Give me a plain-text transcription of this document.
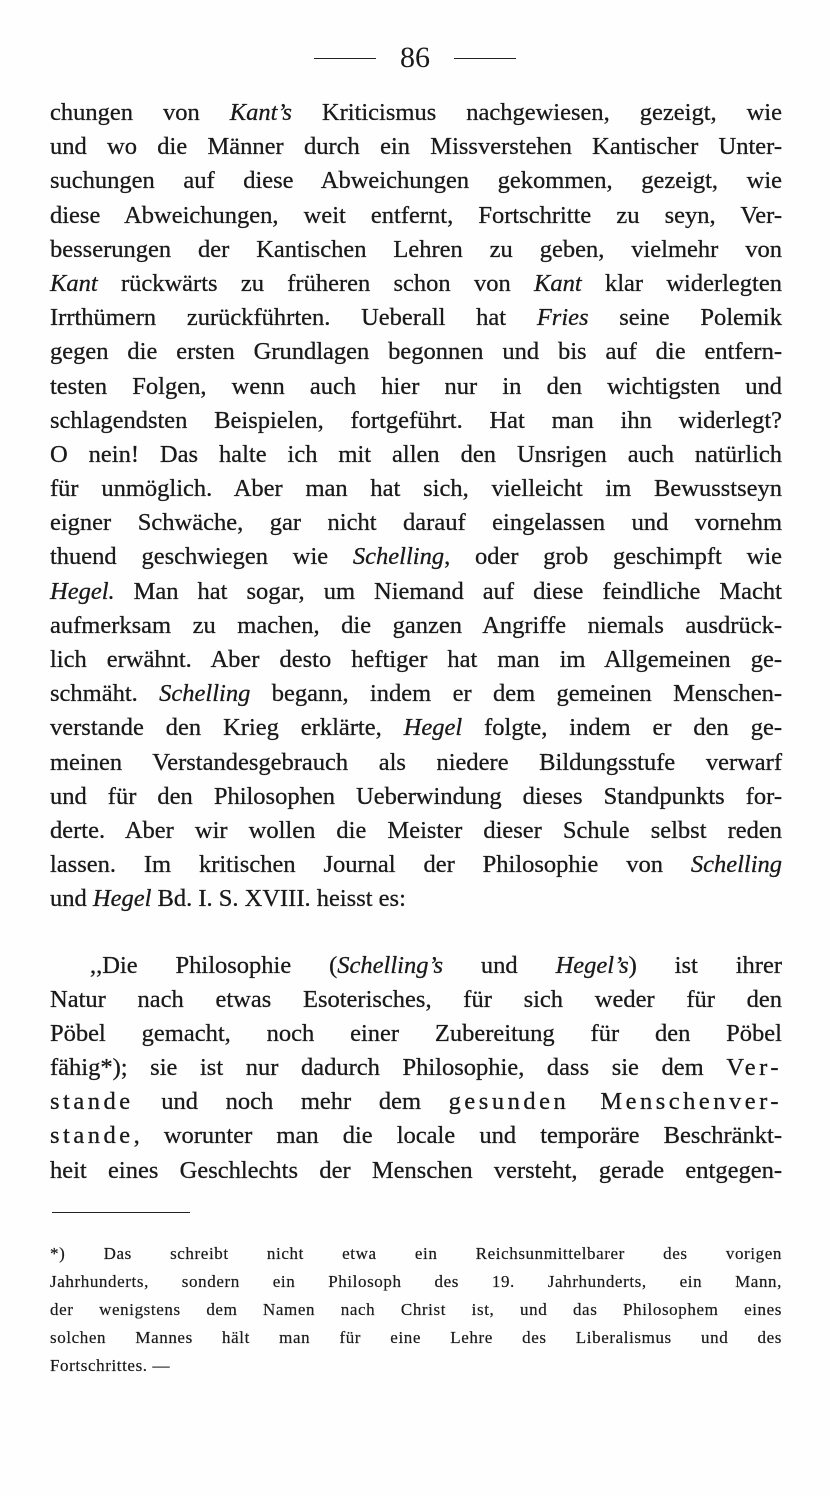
86
chungen von Kant’s Kriticismus nachgewiesen, gezeigt, wie
und wo die Männer durch ein Missverstehen Kantischer Unter-
suchungen auf diese Abweichungen gekommen, gezeigt, wie
diese Abweichungen, weit entfernt, Fortschritte zu seyn, Ver-
besserungen der Kantischen Lehren zu geben, vielmehr von
Kant rückwärts zu früheren schon von Kant klar widerlegten
Irrthümern zurückführten. Ueberall hat Fries seine Polemik
gegen die ersten Grundlagen begonnen und bis auf die entfern-
testen Folgen, wenn auch hier nur in den wichtigsten und
schlagendsten Beispielen, fortgeführt. Hat man ihn widerlegt?
O nein! Das halte ich mit allen den Unsrigen auch natürlich
für unmöglich. Aber man hat sich, vielleicht im Bewusstseyn
eigner Schwäche, gar nicht darauf eingelassen und vornehm
thuend geschwiegen wie Schelling, oder grob geschimpft wie
Hegel. Man hat sogar, um Niemand auf diese feindliche Macht
aufmerksam zu machen, die ganzen Angriffe niemals ausdrück-
lich erwähnt. Aber desto heftiger hat man im Allgemeinen ge-
schmäht. Schelling begann, indem er dem gemeinen Menschen-
verstande den Krieg erklärte, Hegel folgte, indem er den ge-
meinen Verstandesgebrauch als niedere Bildungsstufe verwarf
und für den Philosophen Ueberwindung dieses Standpunkts for-
derte. Aber wir wollen die Meister dieser Schule selbst reden
lassen. Im kritischen Journal der Philosophie von Schelling
und Hegel Bd. I. S. XVIII. heisst es:
,,Die Philosophie (Schelling’s und Hegel’s) ist ihrer
Natur nach etwas Esoterisches, für sich weder für den
Pöbel gemacht, noch einer Zubereitung für den Pöbel
fähig*); sie ist nur dadurch Philosophie, dass sie dem Ver-
stande und noch mehr dem gesunden Menschenver-
stande, worunter man die locale und temporäre Beschränkt-
heit eines Geschlechts der Menschen versteht, gerade entgegen-
*) Das schreibt nicht etwa ein Reichsunmittelbarer des vorigen
Jahrhunderts, sondern ein Philosoph des 19. Jahrhunderts, ein Mann,
der wenigstens dem Namen nach Christ ist, und das Philosophem eines
solchen Mannes hält man für eine Lehre des Liberalismus und des
Fortschrittes. —
